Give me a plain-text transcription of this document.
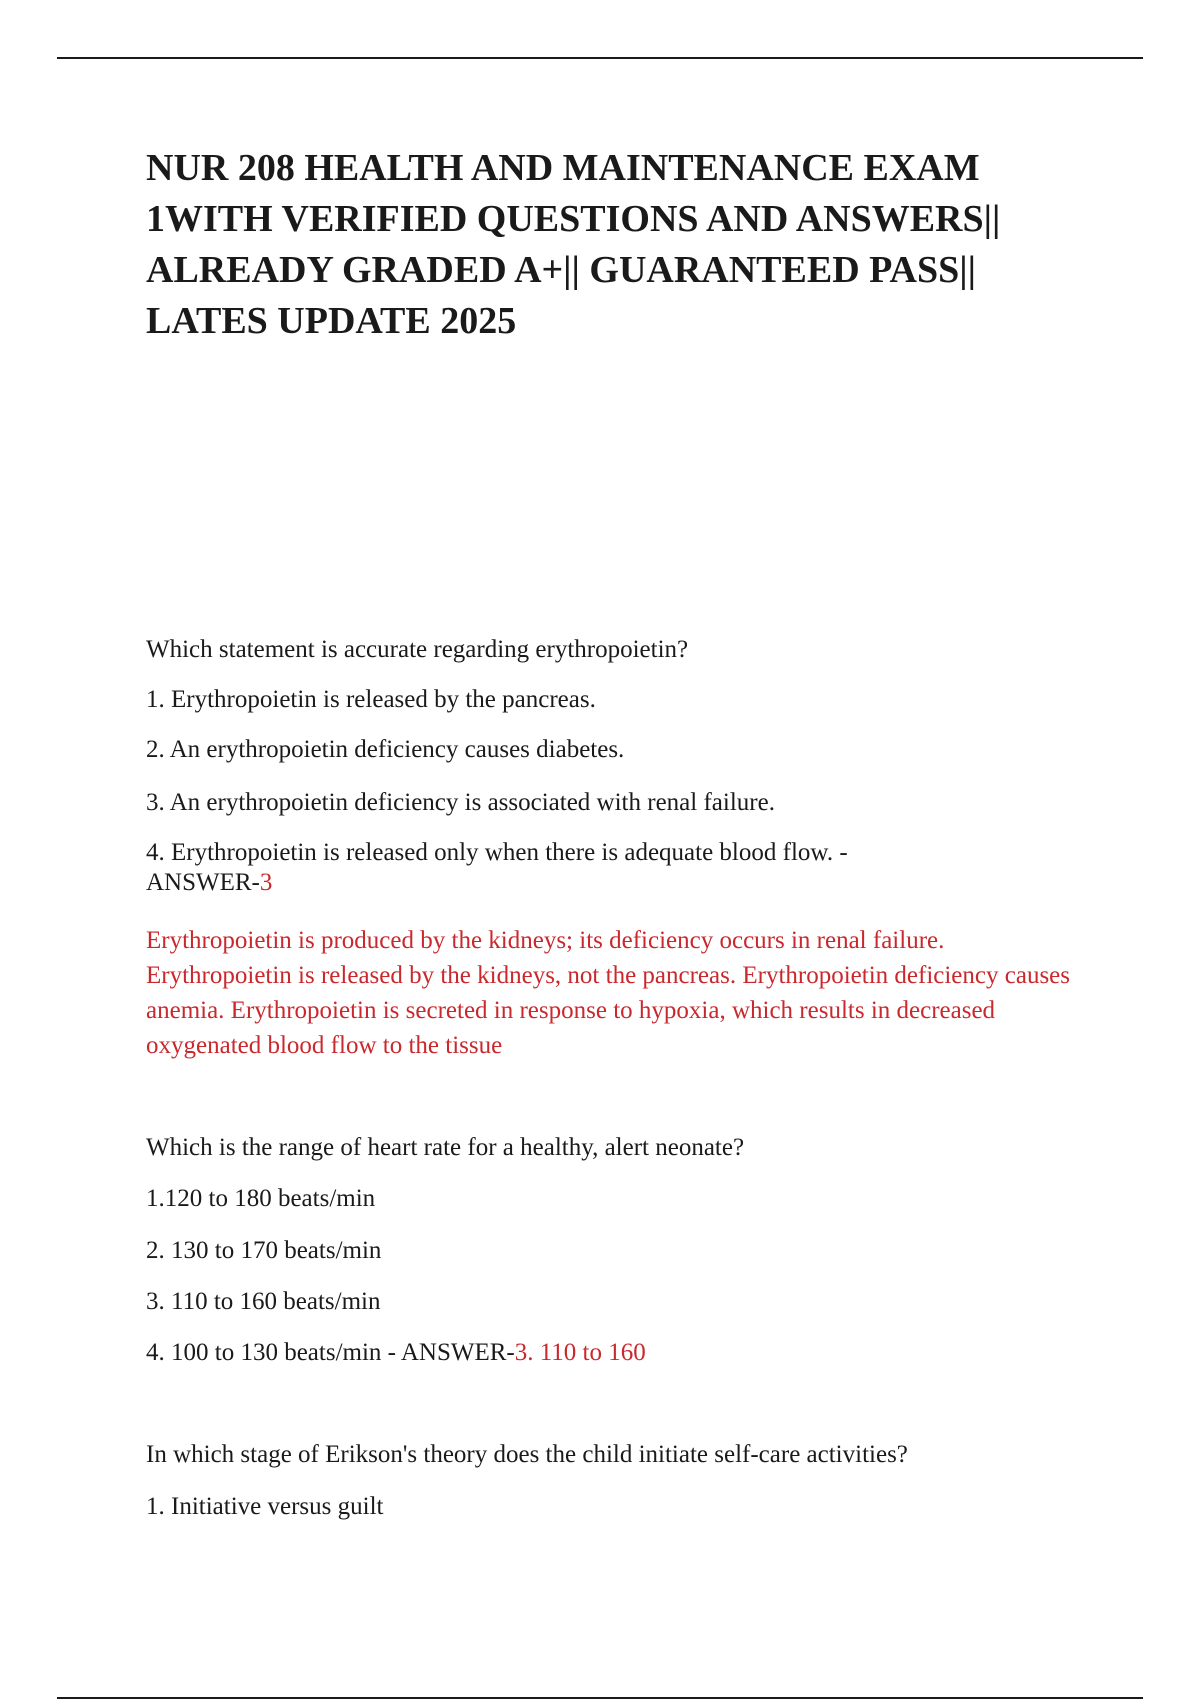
NUR 208 HEALTH AND MAINTENANCE EXAM 1WITH VERIFIED QUESTIONS AND ANSWERS|| ALREADY GRADED A+|| GUARANTEED PASS|| LATES UPDATE 2025

Which statement is accurate regarding erythropoietin?

1. Erythropoietin is released by the pancreas.

2. An erythropoietin deficiency causes diabetes.

3. An erythropoietin deficiency is associated with renal failure.

4. Erythropoietin is released only when there is adequate blood flow. -

ANSWER-3

Erythropoietin is produced by the kidneys; its deficiency occurs in renal failure. Erythropoietin is released by the kidneys, not the pancreas. Erythropoietin deficiency causes anemia. Erythropoietin is secreted in response to hypoxia, which results in decreased oxygenated blood flow to the tissue

Which is the range of heart rate for a healthy, alert neonate?

1.120 to 180 beats/min

2. 130 to 170 beats/min

3. 110 to 160 beats/min

4. 100 to 130 beats/min - ANSWER-3. 110 to 160

In which stage of Erikson's theory does the child initiate self-care activities?

1. Initiative versus guilt
